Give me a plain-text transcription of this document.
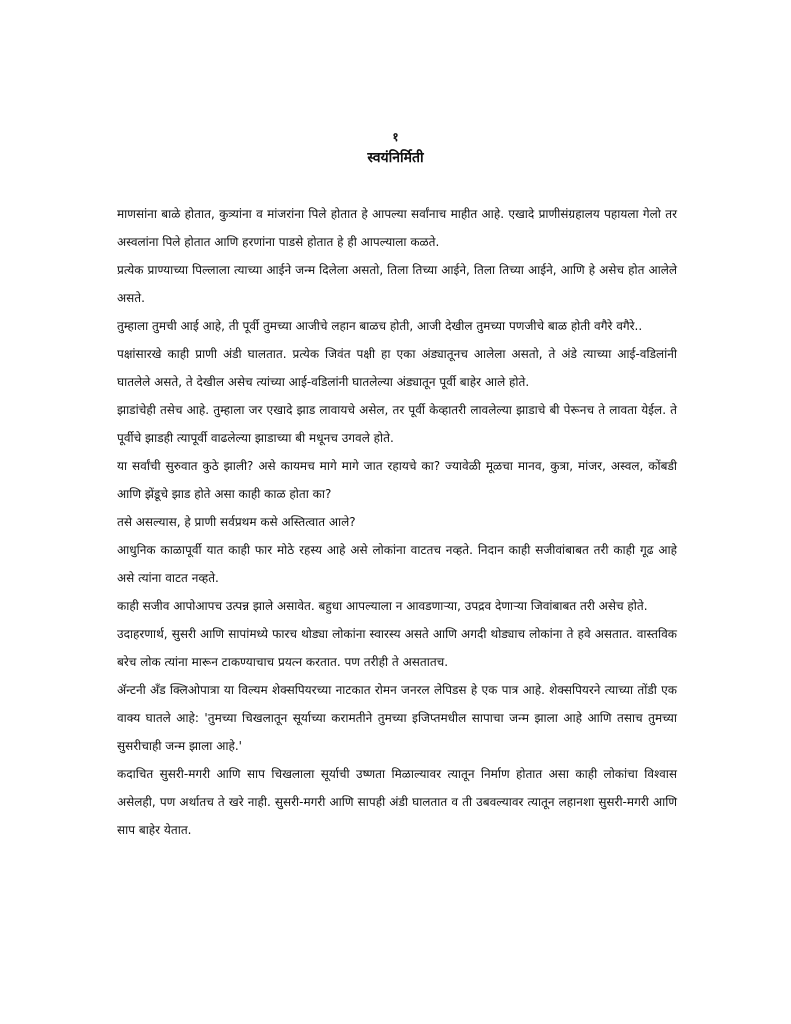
१
स्वयंनिर्मिती

माणसांना बाळे होतात, कुत्र्यांना व मांजरांना पिले होतात हे आपल्या सर्वांनाच माहीत आहे. एखादे प्राणीसंग्रहालय पहायला गेलो तर अस्वलांना पिले होतात आणि हरणांना पाडसे होतात हे ही आपल्याला कळते.

प्रत्येक प्राण्याच्या पिल्लाला त्याच्या आईने जन्म दिलेला असतो, तिला तिच्या आईने, तिला तिच्या आईने, आणि हे असेच होत आलेले असते.

तुम्हाला तुमची आई आहे, ती पूर्वी तुमच्या आजीचे लहान बाळच होती, आजी देखील तुमच्या पणजीचे बाळ होती वगैरे वगैरे..

पक्षांसारखे काही प्राणी अंडी घालतात. प्रत्येक जिवंत पक्षी हा एका अंड्यातूनच आलेला असतो, ते अंडे त्याच्या आई-वडिलांनी घातलेले असते, ते देखील असेच त्यांच्या आई-वडिलांनी घातलेल्या अंड्यातून पूर्वी बाहेर आले होते.

झाडांचेही तसेच आहे. तुम्हाला जर एखादे झाड लावायचे असेल, तर पूर्वी केव्हातरी लावलेल्या झाडाचे बी पेरूनच ते लावता येईल. ते पूर्वीचे झाडही त्यापूर्वी वाढलेल्या झाडाच्या बी मधूनच उगवले होते.

या सर्वांची सुरुवात कुठे झाली? असे कायमच मागे मागे जात रहायचे का? ज्यावेळी मूळचा मानव, कुत्रा, मांजर, अस्वल, कोंबडी आणि झेंडूचे झाड होते असा काही काळ होता का?

तसे असल्यास, हे प्राणी सर्वप्रथम कसे अस्तित्वात आले?

आधुनिक काळापूर्वी यात काही फार मोठे रहस्य आहे असे लोकांना वाटतच नव्हते. निदान काही सजीवांबाबत तरी काही गूढ आहे असे त्यांना वाटत नव्हते.

काही सजीव आपोआपच उत्पन्न झाले असावेत. बहुधा आपल्याला न आवडणाऱ्या, उपद्रव देणाऱ्या जिवांबाबत तरी असेच होते.

उदाहरणार्थ, सुसरी आणि सापांमध्ये फारच थोड्या लोकांना स्वारस्य असते आणि अगदी थोड्याच लोकांना ते हवे असतात. वास्तविक बरेच लोक त्यांना मारून टाकण्याचाच प्रयत्न करतात. पण तरीही ते असतातच.

ॲन्टनी अँड क्लिओपात्रा या विल्यम शेक्सपियरच्या नाटकात रोमन जनरल लेपिडस हे एक पात्र आहे. शेक्सपियरने त्याच्या तोंडी एक वाक्य घातले आहे: 'तुमच्या चिखलातून सूर्याच्या करामतीने तुमच्या इजिप्तमधील सापाचा जन्म झाला आहे आणि तसाच तुमच्या सुसरीचाही जन्म झाला आहे.'

कदाचित सुसरी-मगरी आणि साप चिखलाला सूर्याची उष्णता मिळाल्यावर त्यातून निर्माण होतात असा काही लोकांचा विश्वास असेलही, पण अर्थातच ते खरे नाही. सुसरी-मगरी आणि सापही अंडी घालतात व ती उबवल्यावर त्यातून लहानशा सुसरी-मगरी आणि साप बाहेर येतात.
